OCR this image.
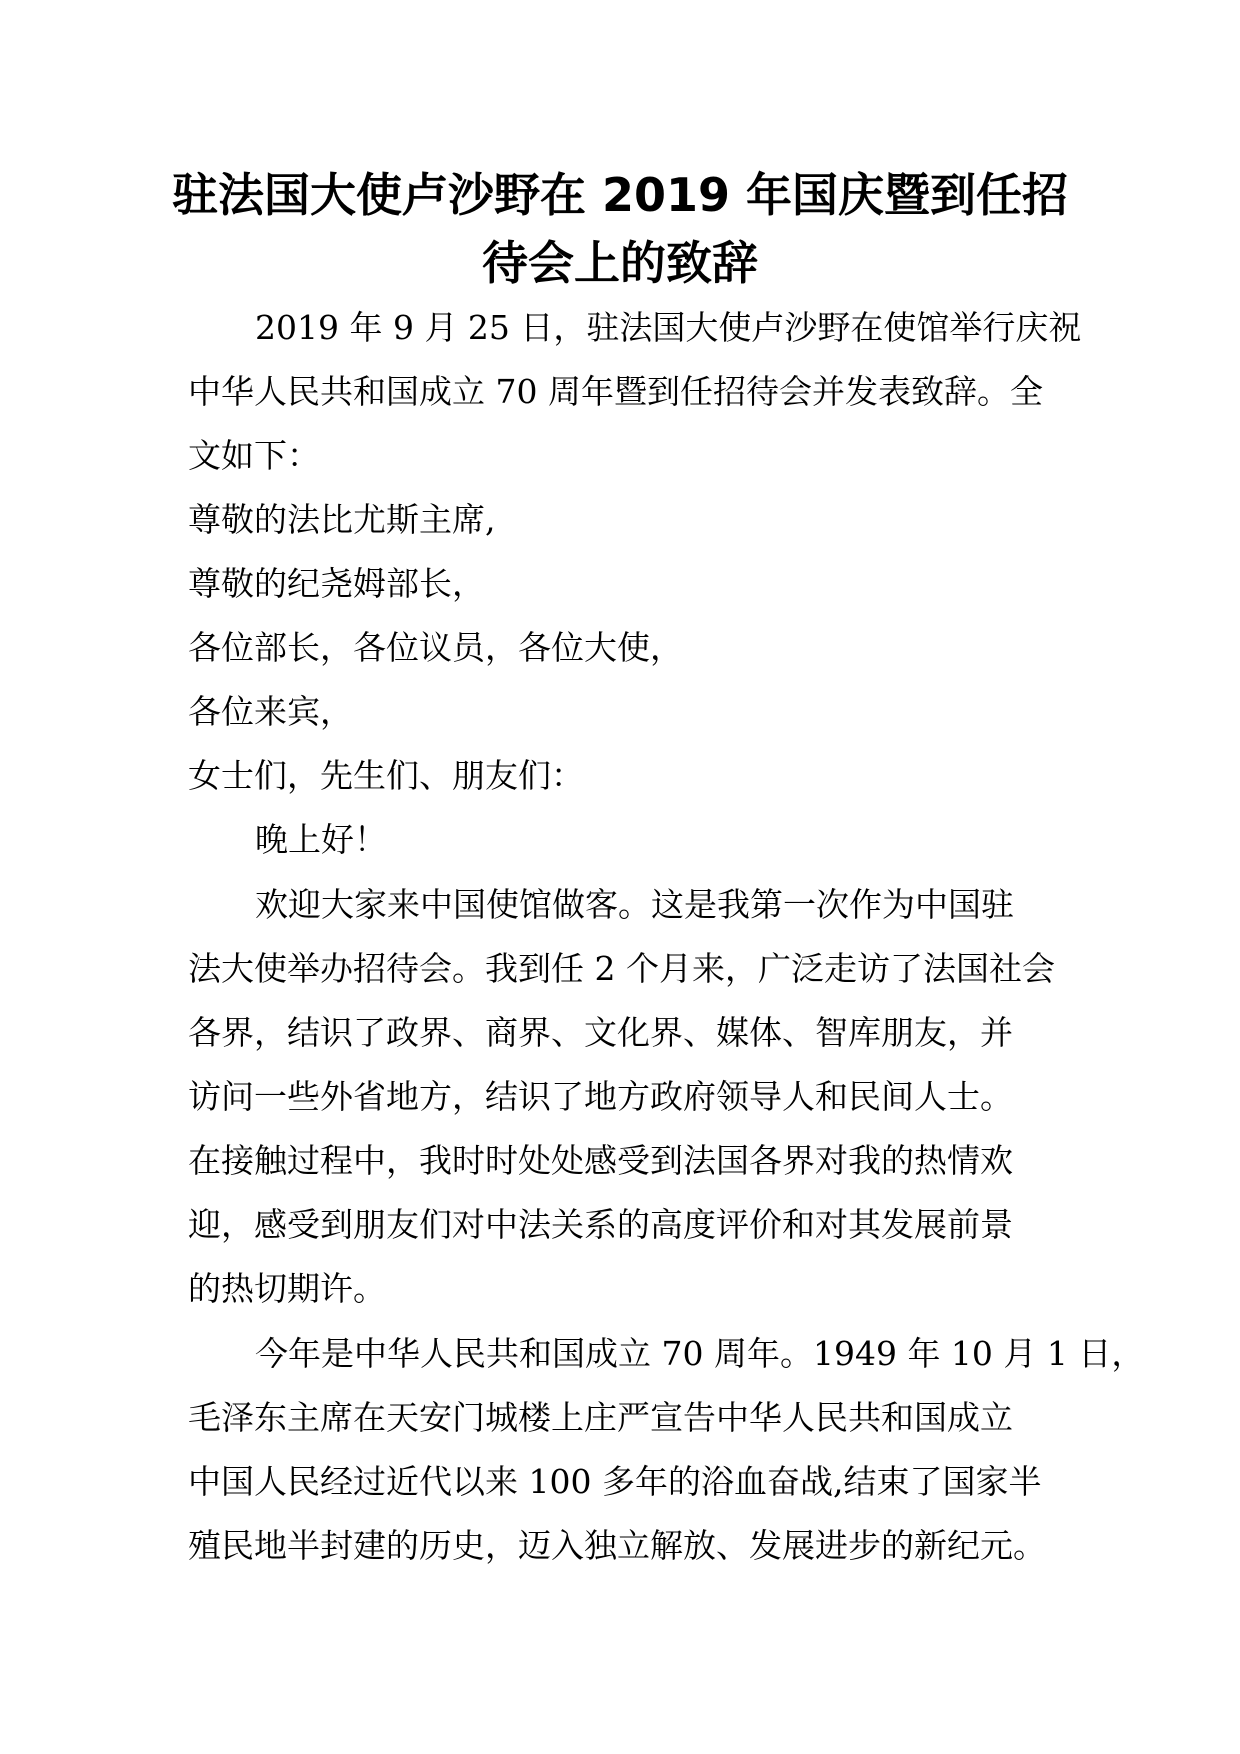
驻法国大使卢沙野在 2019 年国庆暨到任招
待会上的致辞
2019 年 9 月 25 日，驻法国大使卢沙野在使馆举行庆祝
中华人民共和国成立 70 周年暨到任招待会并发表致辞。全
文如下：
尊敬的法比尤斯主席,
尊敬的纪尧姆部长，
各位部长，各位议员，各位大使，
各位来宾，
女士们，先生们、朋友们：
晚上好！
欢迎大家来中国使馆做客。这是我第一次作为中国驻
法大使举办招待会。我到任 2 个月来，广泛走访了法国社会
各界，结识了政界、商界、文化界、媒体、智库朋友，并
访问一些外省地方，结识了地方政府领导人和民间人士。
在接触过程中，我时时处处感受到法国各界对我的热情欢
迎，感受到朋友们对中法关系的高度评价和对其发展前景
的热切期许。
今年是中华人民共和国成立 70 周年。1949 年 10 月 1 日，
毛泽东主席在天安门城楼上庄严宣告中华人民共和国成立
中国人民经过近代以来 100 多年的浴血奋战,结束了国家半
殖民地半封建的历史，迈入独立解放、发展进步的新纪元。
